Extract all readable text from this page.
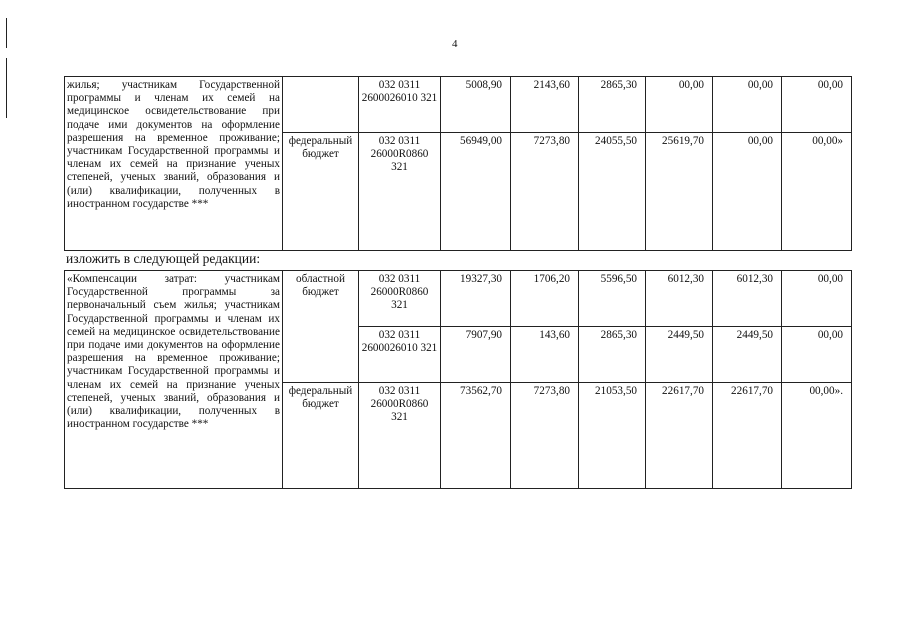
4
жилья; участникам Государственной программы и членам их семей на медицинское освидетельствование при подаче ими документов на оформление разрешения на временное проживание; участникам Государственной программы и членам их семей на признание ученых степеней, ученых званий, образования и (или) квалификации, полученных в иностранном государстве ***		032 0311 2600026010 321	5008,90	2143,60	2865,30	00,00	00,00	00,00
	федеральный бюджет	032 0311 26000R0860 321	56949,00	7273,80	24055,50	25619,70	00,00	00,00»
изложить в следующей редакции:
«Компенсации затрат: участникам Государственной программы за первоначальный съем жилья; участникам Государственной программы и членам их семей на медицинское освидетельствование при подаче ими документов на оформление разрешения на временное проживание; участникам Государственной программы и членам их семей на признание ученых степеней, ученых званий, образования и (или) квалификации, полученных в иностранном государстве ***	областной бюджет	032 0311 26000R0860 321	19327,30	1706,20	5596,50	6012,30	6012,30	00,00
		032 0311 2600026010 321	7907,90	143,60	2865,30	2449,50	2449,50	00,00
	федеральный бюджет	032 0311 26000R0860 321	73562,70	7273,80	21053,50	22617,70	22617,70	00,00».
